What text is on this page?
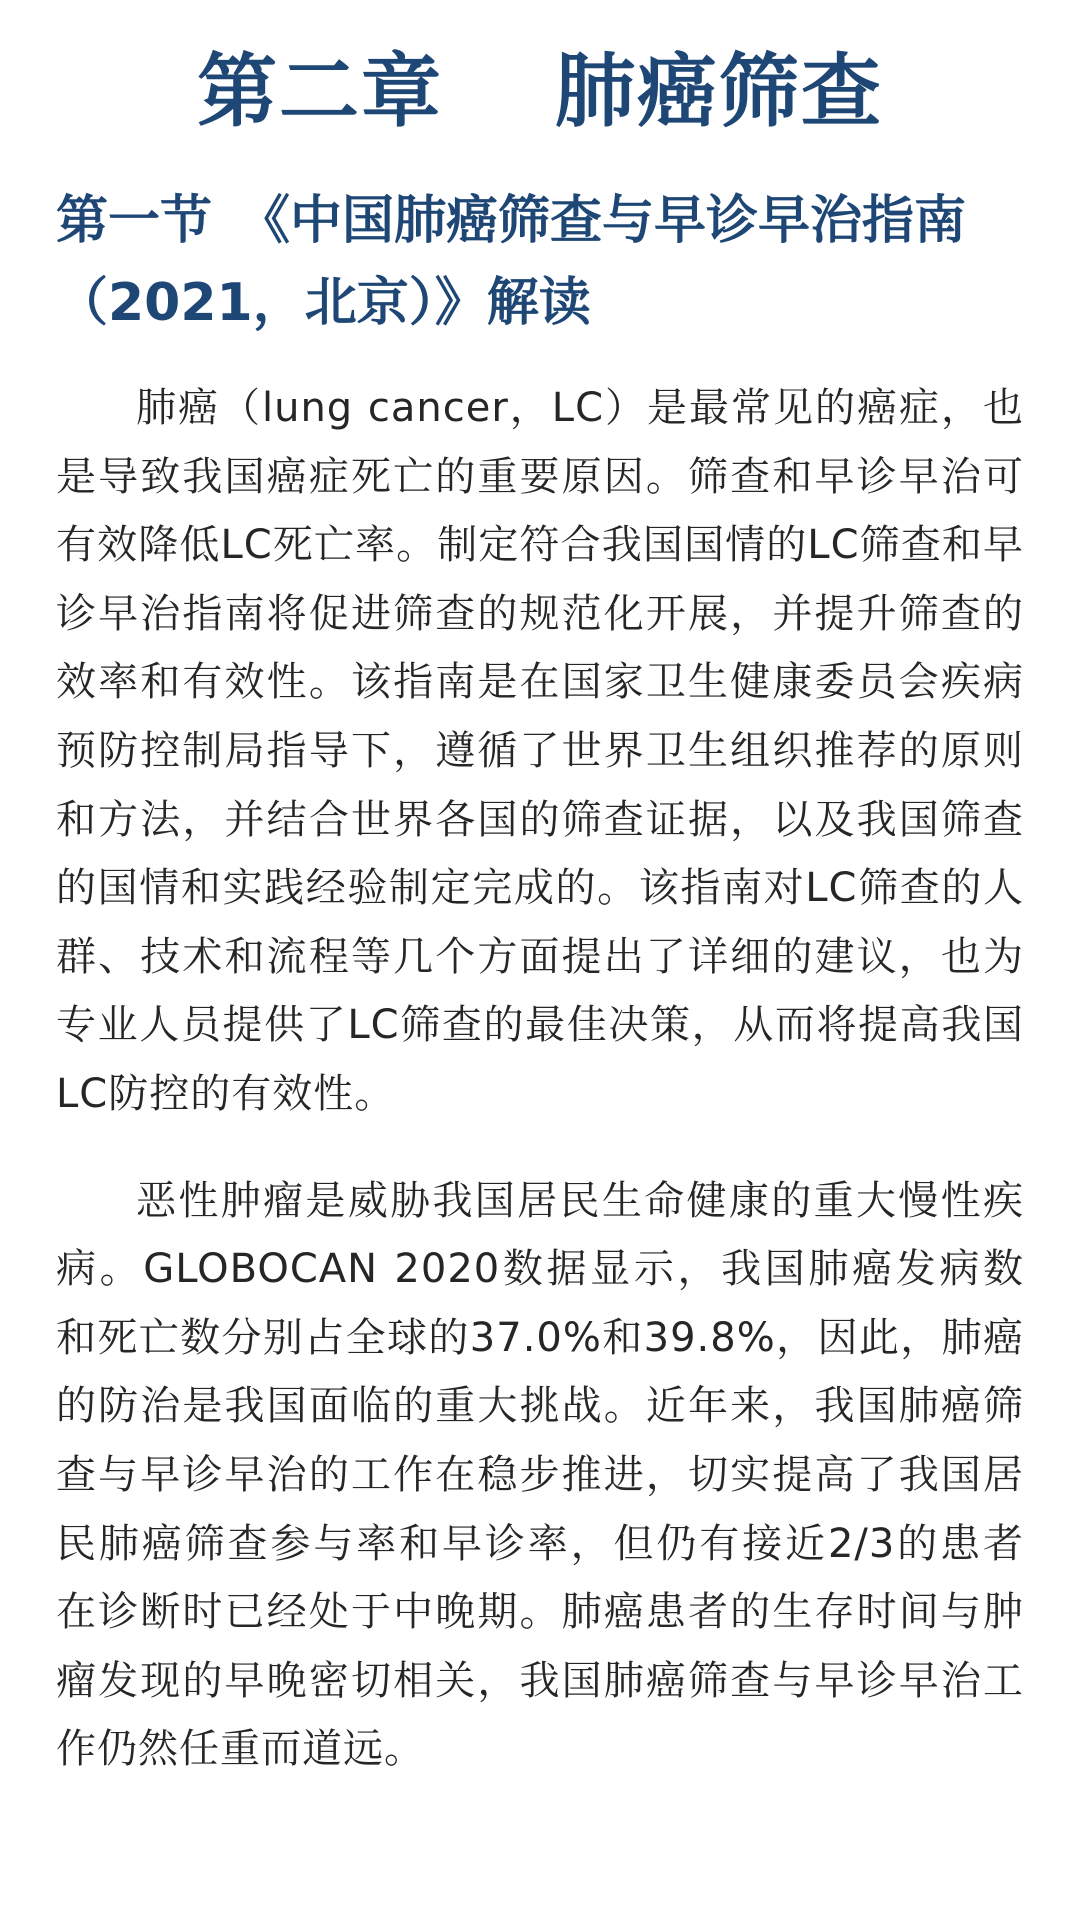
第二章　 肺癌筛查
第一节　《中国肺癌筛查与早诊早治指南（2021，北京）》解读

肺癌（lung cancer，LC）是最常见的癌症，也是导致我国癌症死亡的重要原因。筛查和早诊早治可有效降低LC死亡率。制定符合我国国情的LC筛查和早诊早治指南将促进筛查的规范化开展，并提升筛查的效率和有效性。该指南是在国家卫生健康委员会疾病预防控制局指导下，遵循了世界卫生组织推荐的原则和方法，并结合世界各国的筛查证据，以及我国筛查的国情和实践经验制定完成的。该指南对LC筛查的人群、技术和流程等几个方面提出了详细的建议，也为专业人员提供了LC筛查的最佳决策，从而将提高我国LC防控的有效性。

恶性肿瘤是威胁我国居民生命健康的重大慢性疾病。GLOBOCAN 2020数据显示，我国肺癌发病数和死亡数分别占全球的37.0%和39.8%，因此，肺癌的防治是我国面临的重大挑战。近年来，我国肺癌筛查与早诊早治的工作在稳步推进，切实提高了我国居民肺癌筛查参与率和早诊率，但仍有接近2/3的患者在诊断时已经处于中晚期。肺癌患者的生存时间与肿瘤发现的早晚密切相关，我国肺癌筛查与早诊早治工作仍然任重而道远。
